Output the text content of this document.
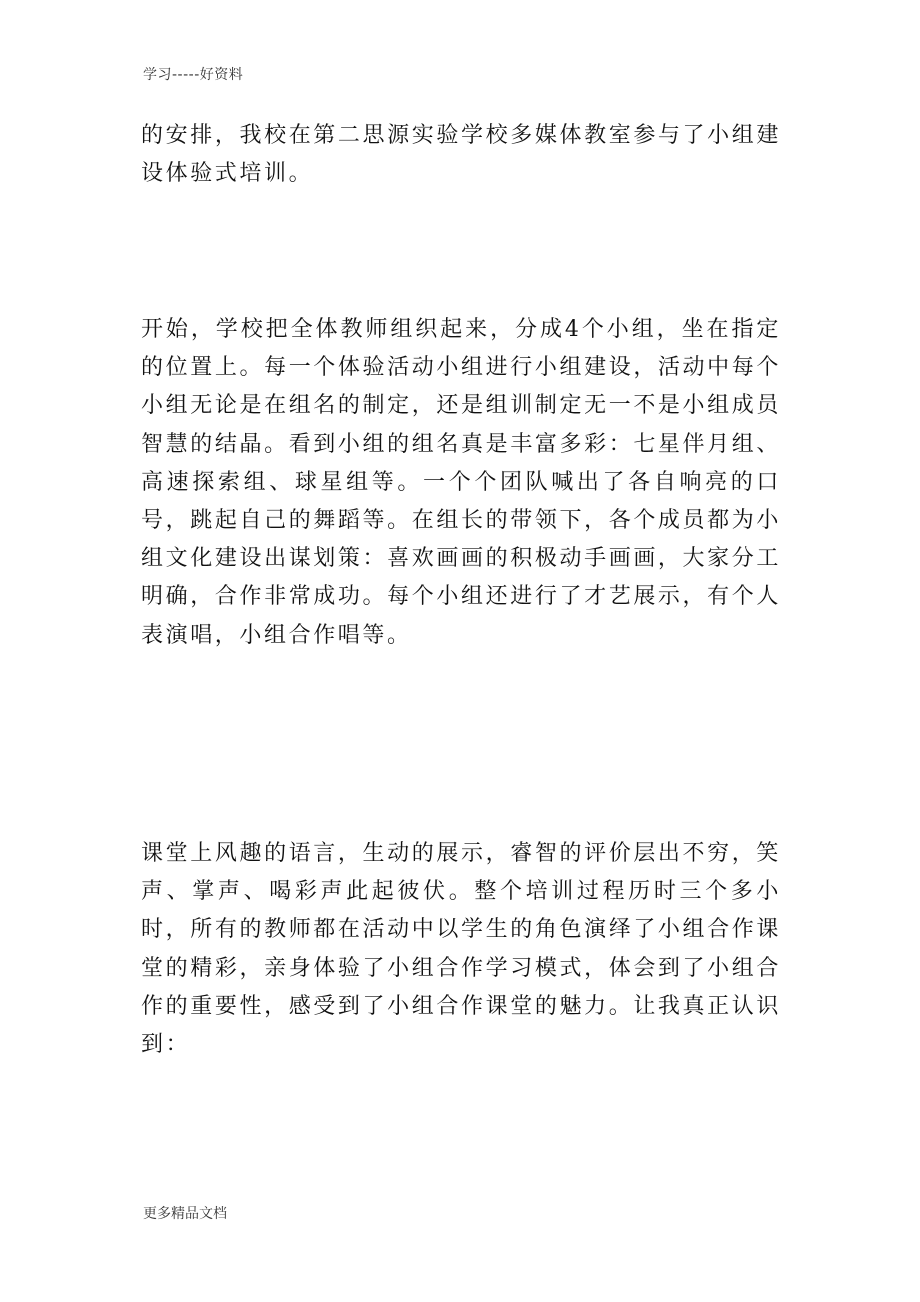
学习-----好资料

的安排，我校在第二思源实验学校多媒体教室参与了小组建设体验式培训。

开始，学校把全体教师组织起来，分成4个小组，坐在指定的位置上。每一个体验活动小组进行小组建设，活动中每个小组无论是在组名的制定，还是组训制定无一不是小组成员智慧的结晶。看到小组的组名真是丰富多彩：七星伴月组、高速探索组、球星组等。一个个团队喊出了各自响亮的口号，跳起自己的舞蹈等。在组长的带领下，各个成员都为小组文化建设出谋划策：喜欢画画的积极动手画画，大家分工明确，合作非常成功。每个小组还进行了才艺展示，有个人表演唱，小组合作唱等。

课堂上风趣的语言，生动的展示，睿智的评价层出不穷，笑声、掌声、喝彩声此起彼伏。整个培训过程历时三个多小时，所有的教师都在活动中以学生的角色演绎了小组合作课堂的精彩，亲身体验了小组合作学习模式，体会到了小组合作的重要性，感受到了小组合作课堂的魅力。让我真正认识到：

更多精品文档
